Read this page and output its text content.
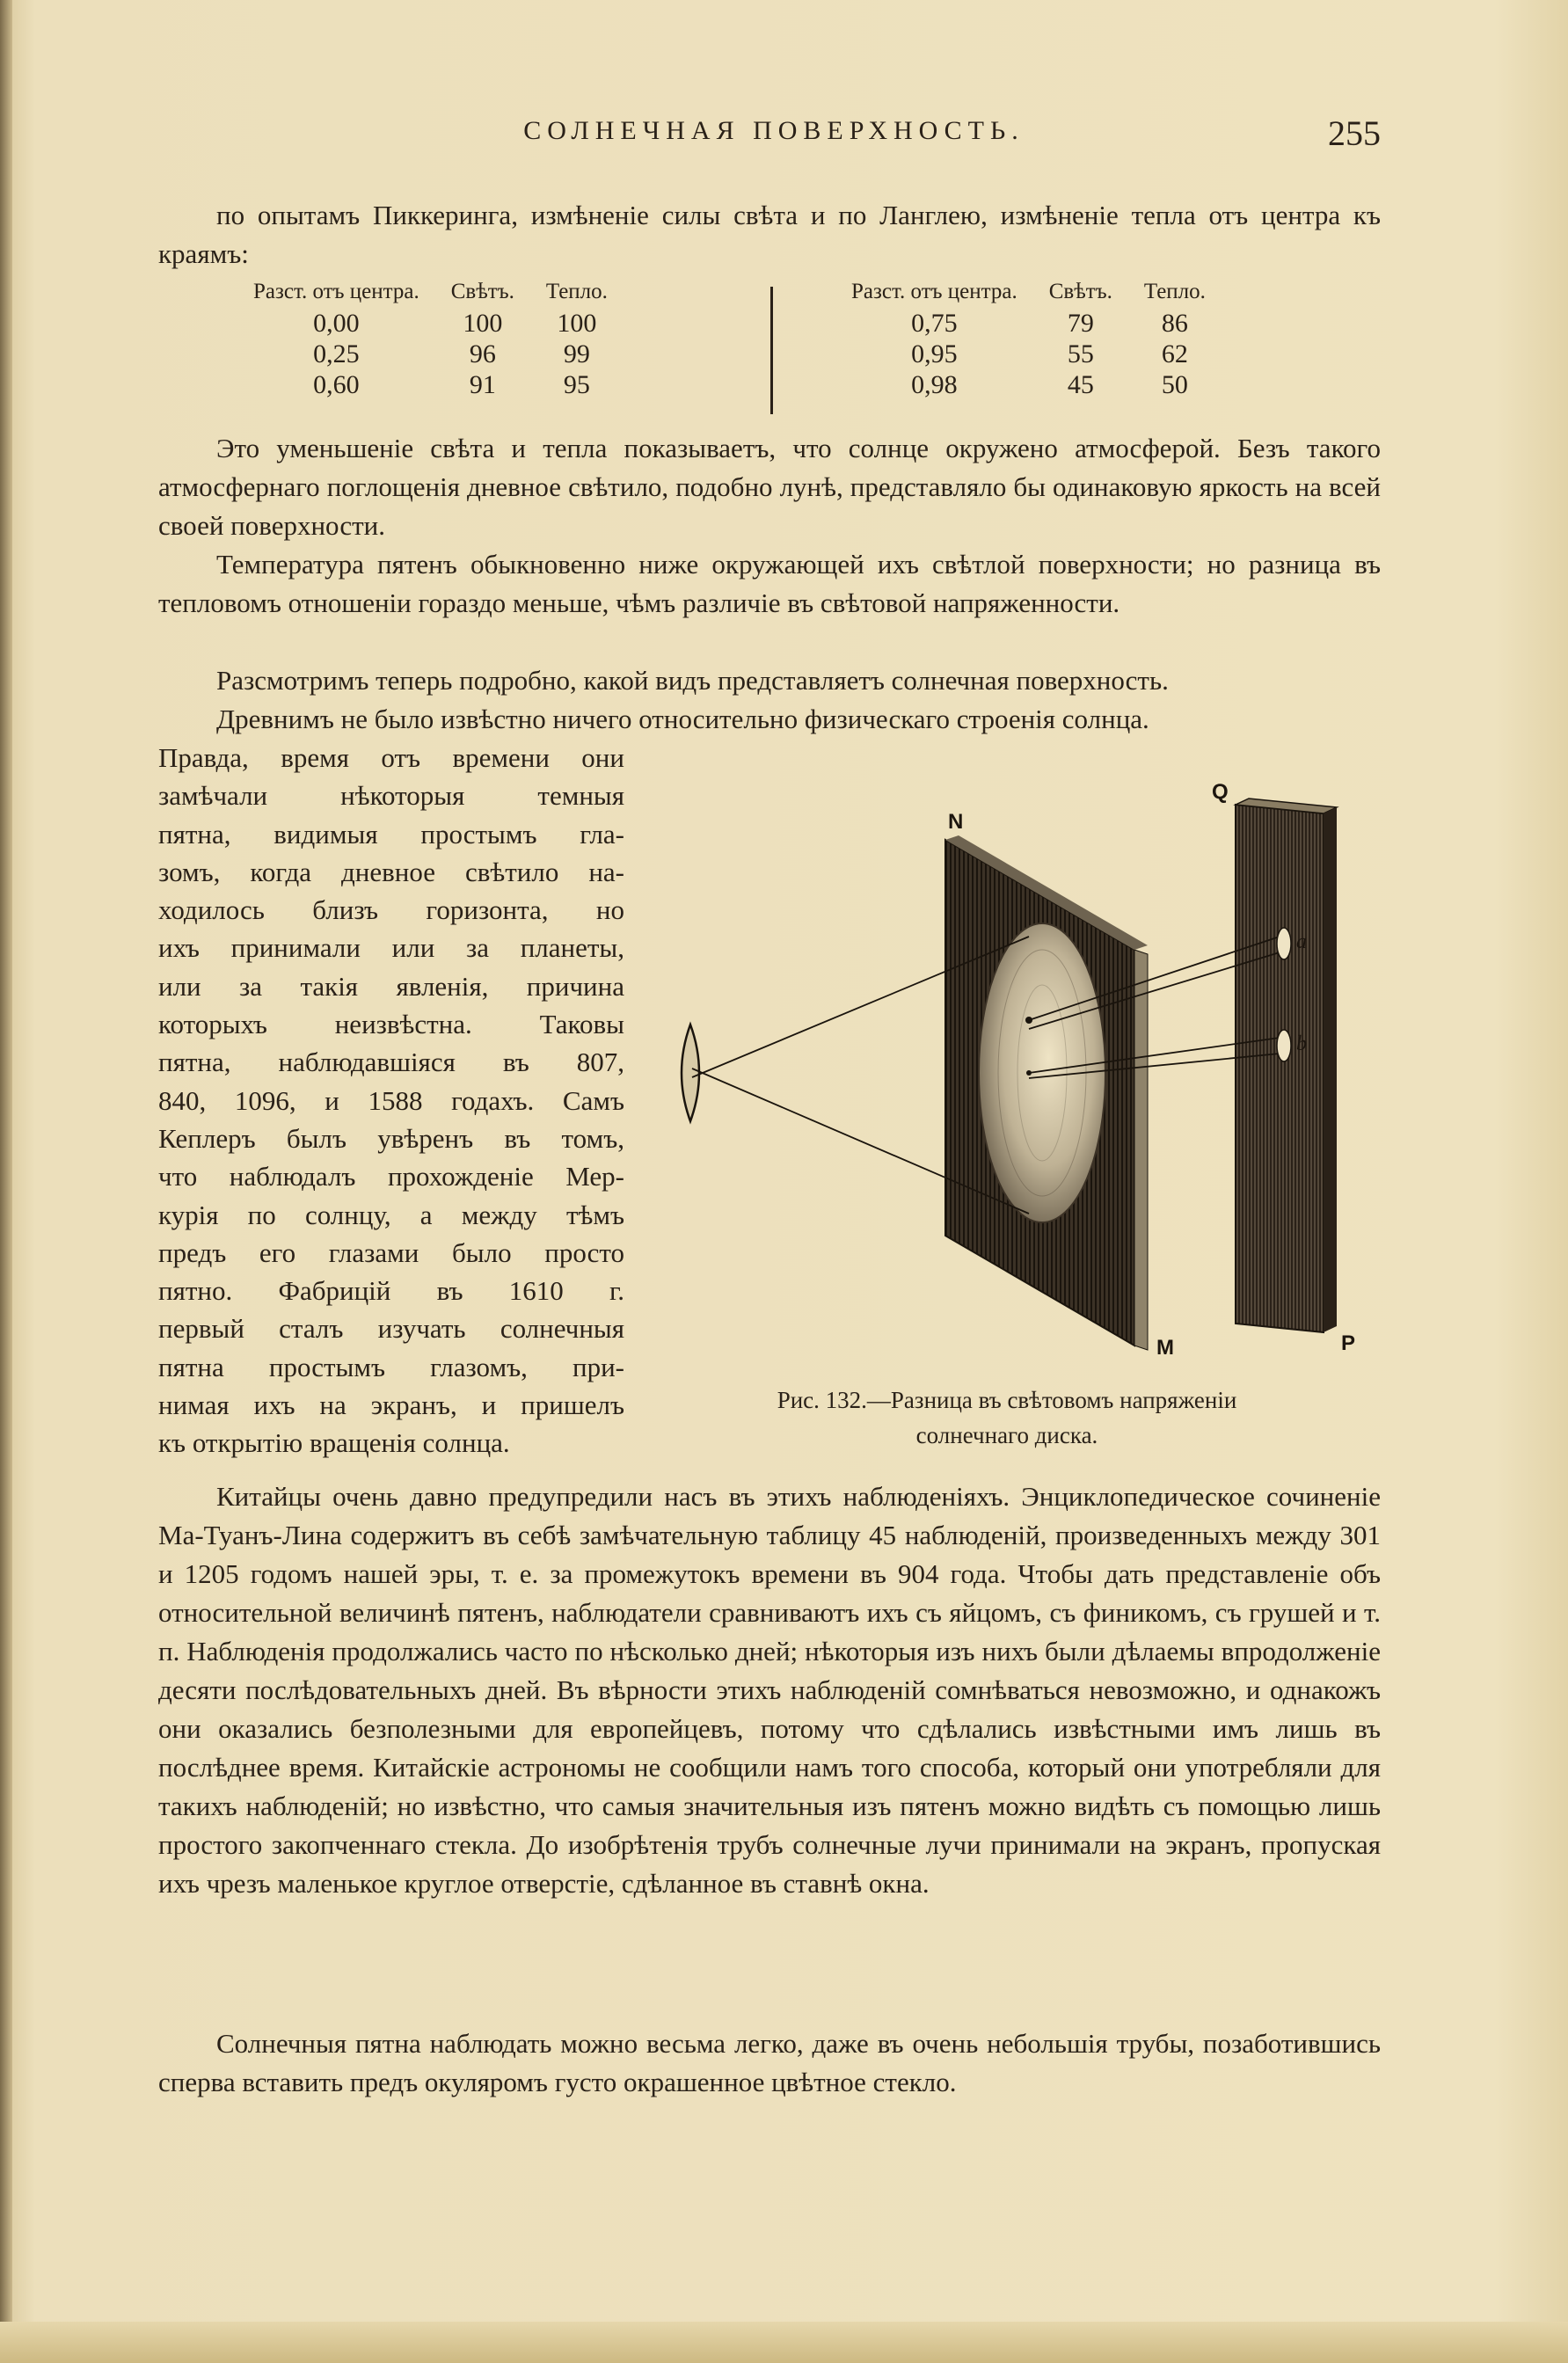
СОЛНЕЧНАЯ ПОВЕРХНОСТЬ.	255

по опытамъ Пиккеринга, измѣненіе силы свѣта и по Ланглею, измѣненіе тепла отъ центра къ краямъ:

Разст. отъ центра.	Свѣтъ.	Тепло.
0,00	100	100
0,25	96	99
0,60	91	95
Разст. отъ центра.	Свѣтъ.	Тепло.
0,75	79	86
0,95	55	62
0,98	45	50

Это уменьшеніе свѣта и тепла показываетъ, что солнце окружено атмосферой. Безъ такого атмосфернаго поглощенія дневное свѣтило, подобно лунѣ, представляло бы одинаковую яркость на всей своей поверхности.

Температура пятенъ обыкновенно ниже окружающей ихъ свѣтлой поверхности; но разница въ тепловомъ отношеніи гораздо меньше, чѣмъ различіе въ свѣтовой напряженности.

Разсмотримъ теперь подробно, какой видъ представляетъ солнечная поверхность.

Древнимъ не было извѣстно ничего относительно физическаго строенія солнца.

Правда, время отъ времени они
замѣчали нѣкоторыя темныя
пятна, видимыя простымъ гла-
зомъ, когда дневное свѣтило на-
ходилось близъ горизонта, но
ихъ принимали или за планеты,
или за такія явленія, причина
которыхъ неизвѣстна. Таковы
пятна, наблюдавшіяся въ 807,
840, 1096, и 1588 годахъ. Самъ
Кеплеръ былъ увѣренъ въ томъ,
что наблюдалъ прохожденіе Мер-
курія по солнцу, а между тѣмъ
предъ его глазами было просто
пятно. Фабрицій въ 1610 г.
первый сталъ изучать солнечныя
пятна простымъ глазомъ, при-
нимая ихъ на экранъ, и пришелъ
къ открытію вращенія солнца.
N
Q
M	P
a
b
Рис. 132.—Разница въ свѣтовомъ напряженіи
солнечнаго диска.

Китайцы очень давно предупредили насъ въ этихъ наблюденіяхъ. Энциклопедическое сочиненіе Ма-Туанъ-Лина содержитъ въ себѣ замѣчательную таблицу 45 наблюденій, произведенныхъ между 301 и 1205 годомъ нашей эры, т. е. за промежутокъ времени въ 904 года. Чтобы дать представленіе объ относительной величинѣ пятенъ, наблюдатели сравниваютъ ихъ съ яйцомъ, съ финикомъ, съ грушей и т. п. Наблюденія продолжались часто по нѣсколько дней; нѣкоторыя изъ нихъ были дѣлаемы впродолженіе десяти послѣдовательныхъ дней. Въ вѣрности этихъ наблюденій сомнѣваться невозможно, и однакожъ они оказались безполезными для европейцевъ, потому что сдѣлались извѣстными имъ лишь въ послѣднее время. Китайскіе астрономы не сообщили намъ того способа, который они употребляли для такихъ наблюденій; но извѣстно, что самыя значительныя изъ пятенъ можно видѣть съ помощью лишь простого закопченнаго стекла. До изобрѣтенія трубъ солнечные лучи принимали на экранъ, пропуская ихъ чрезъ маленькое круглое отверстіе, сдѣланное въ ставнѣ окна.

Солнечныя пятна наблюдать можно весьма легко, даже въ очень небольшія трубы, позаботившись сперва вставить предъ окуляромъ густо окрашенное цвѣтное стекло.
